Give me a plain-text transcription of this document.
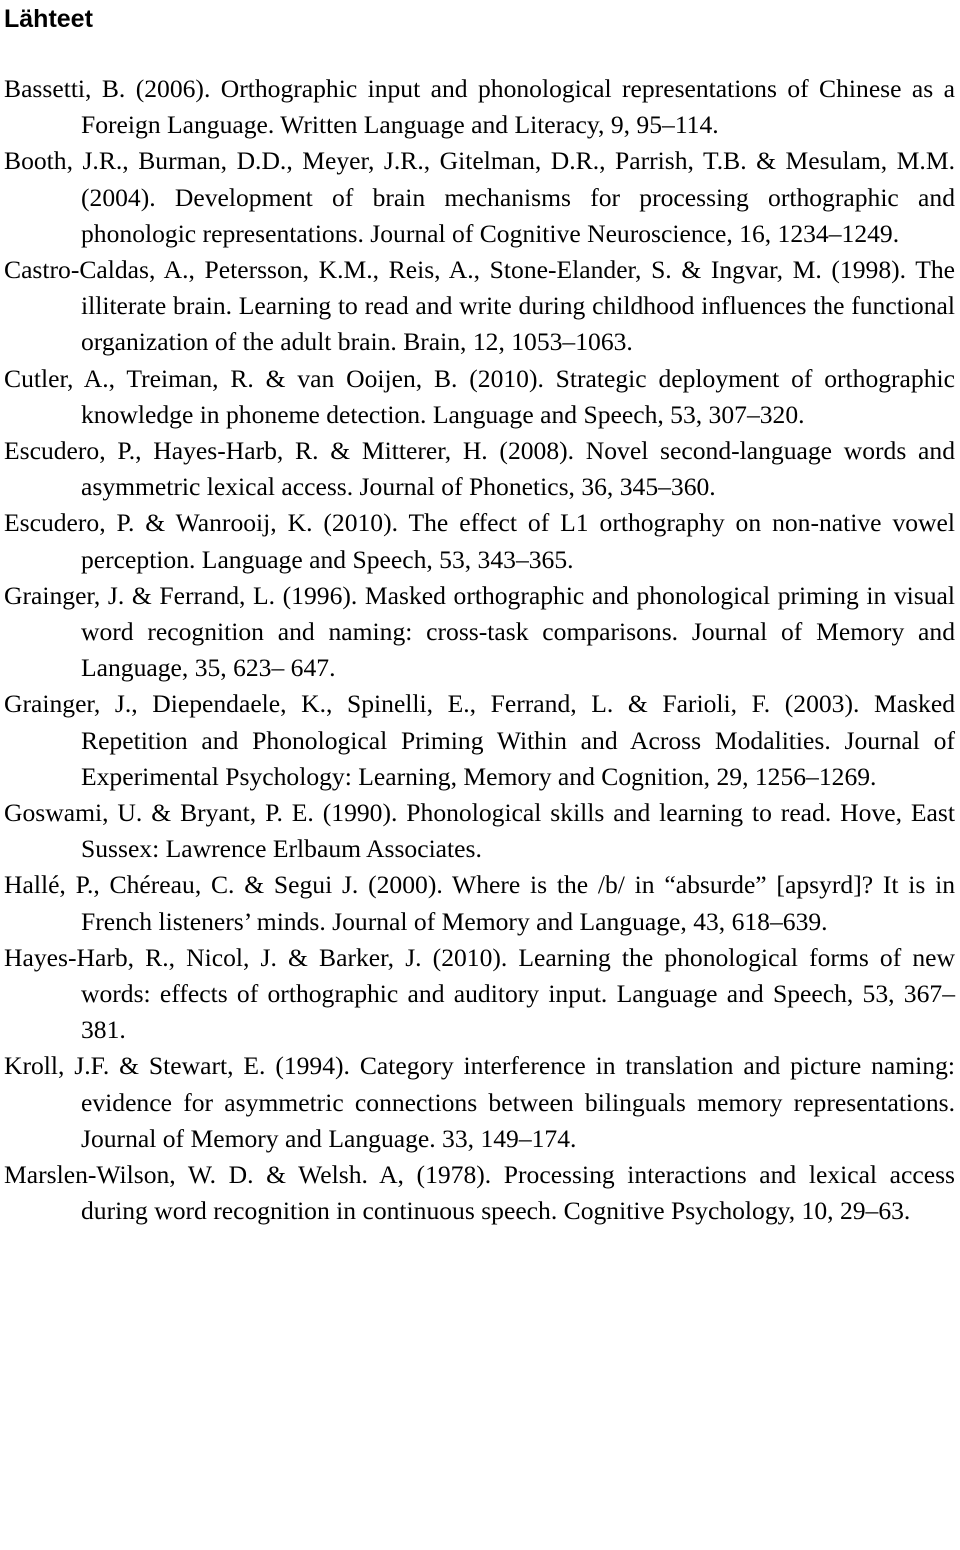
Lähteet
Bassetti, B. (2006). Orthographic input and phonological representations of Chinese as a Foreign Language. Written Language and Literacy, 9, 95–114.
Booth, J.R., Burman, D.D., Meyer, J.R., Gitelman, D.R., Parrish, T.B. & Mesulam, M.M. (2004). Development of brain mechanisms for processing orthographic and phonologic representations. Journal of Cognitive Neuroscience, 16, 1234–1249.
Castro-Caldas, A., Petersson, K.M., Reis, A., Stone-Elander, S. & Ingvar, M. (1998). The illiterate brain. Learning to read and write during childhood influences the functional organization of the adult brain. Brain, 12, 1053–1063.
Cutler, A., Treiman, R. & van Ooijen, B. (2010). Strategic deployment of orthographic knowledge in phoneme detection. Language and Speech, 53, 307–320.
Escudero, P., Hayes-Harb, R. & Mitterer, H. (2008). Novel second-language words and asymmetric lexical access. Journal of Phonetics, 36, 345–360.
Escudero, P. & Wanrooij, K. (2010). The effect of L1 orthography on non-native vowel perception. Language and Speech, 53, 343–365.
Grainger, J. & Ferrand, L. (1996). Masked orthographic and phonological priming in visual word recognition and naming: cross-task comparisons. Journal of Memory and Language, 35, 623– 647.
Grainger, J., Diependaele, K., Spinelli, E., Ferrand, L. & Farioli, F. (2003). Masked Repetition and Phonological Priming Within and Across Modalities. Journal of Experimental Psychology: Learning, Memory and Cognition, 29, 1256–1269.
Goswami, U. & Bryant, P. E. (1990). Phonological skills and learning to read. Hove, East Sussex: Lawrence Erlbaum Associates.
Hallé, P., Chéreau, C. & Segui J. (2000). Where is the /b/ in “absurde” [apsyrd]? It is in French listeners’ minds. Journal of Memory and Language, 43, 618–639.
Hayes-Harb, R., Nicol, J. & Barker, J. (2010). Learning the phonological forms of new words: effects of orthographic and auditory input. Language and Speech, 53, 367–381.
Kroll, J.F. & Stewart, E. (1994). Category interference in translation and picture naming: evidence for asymmetric connections between bilinguals memory representations. Journal of Memory and Language. 33, 149–174.
Marslen-Wilson, W. D. & Welsh. A, (1978). Processing interactions and lexical access during word recognition in continuous speech. Cognitive Psychology, 10, 29–63.
